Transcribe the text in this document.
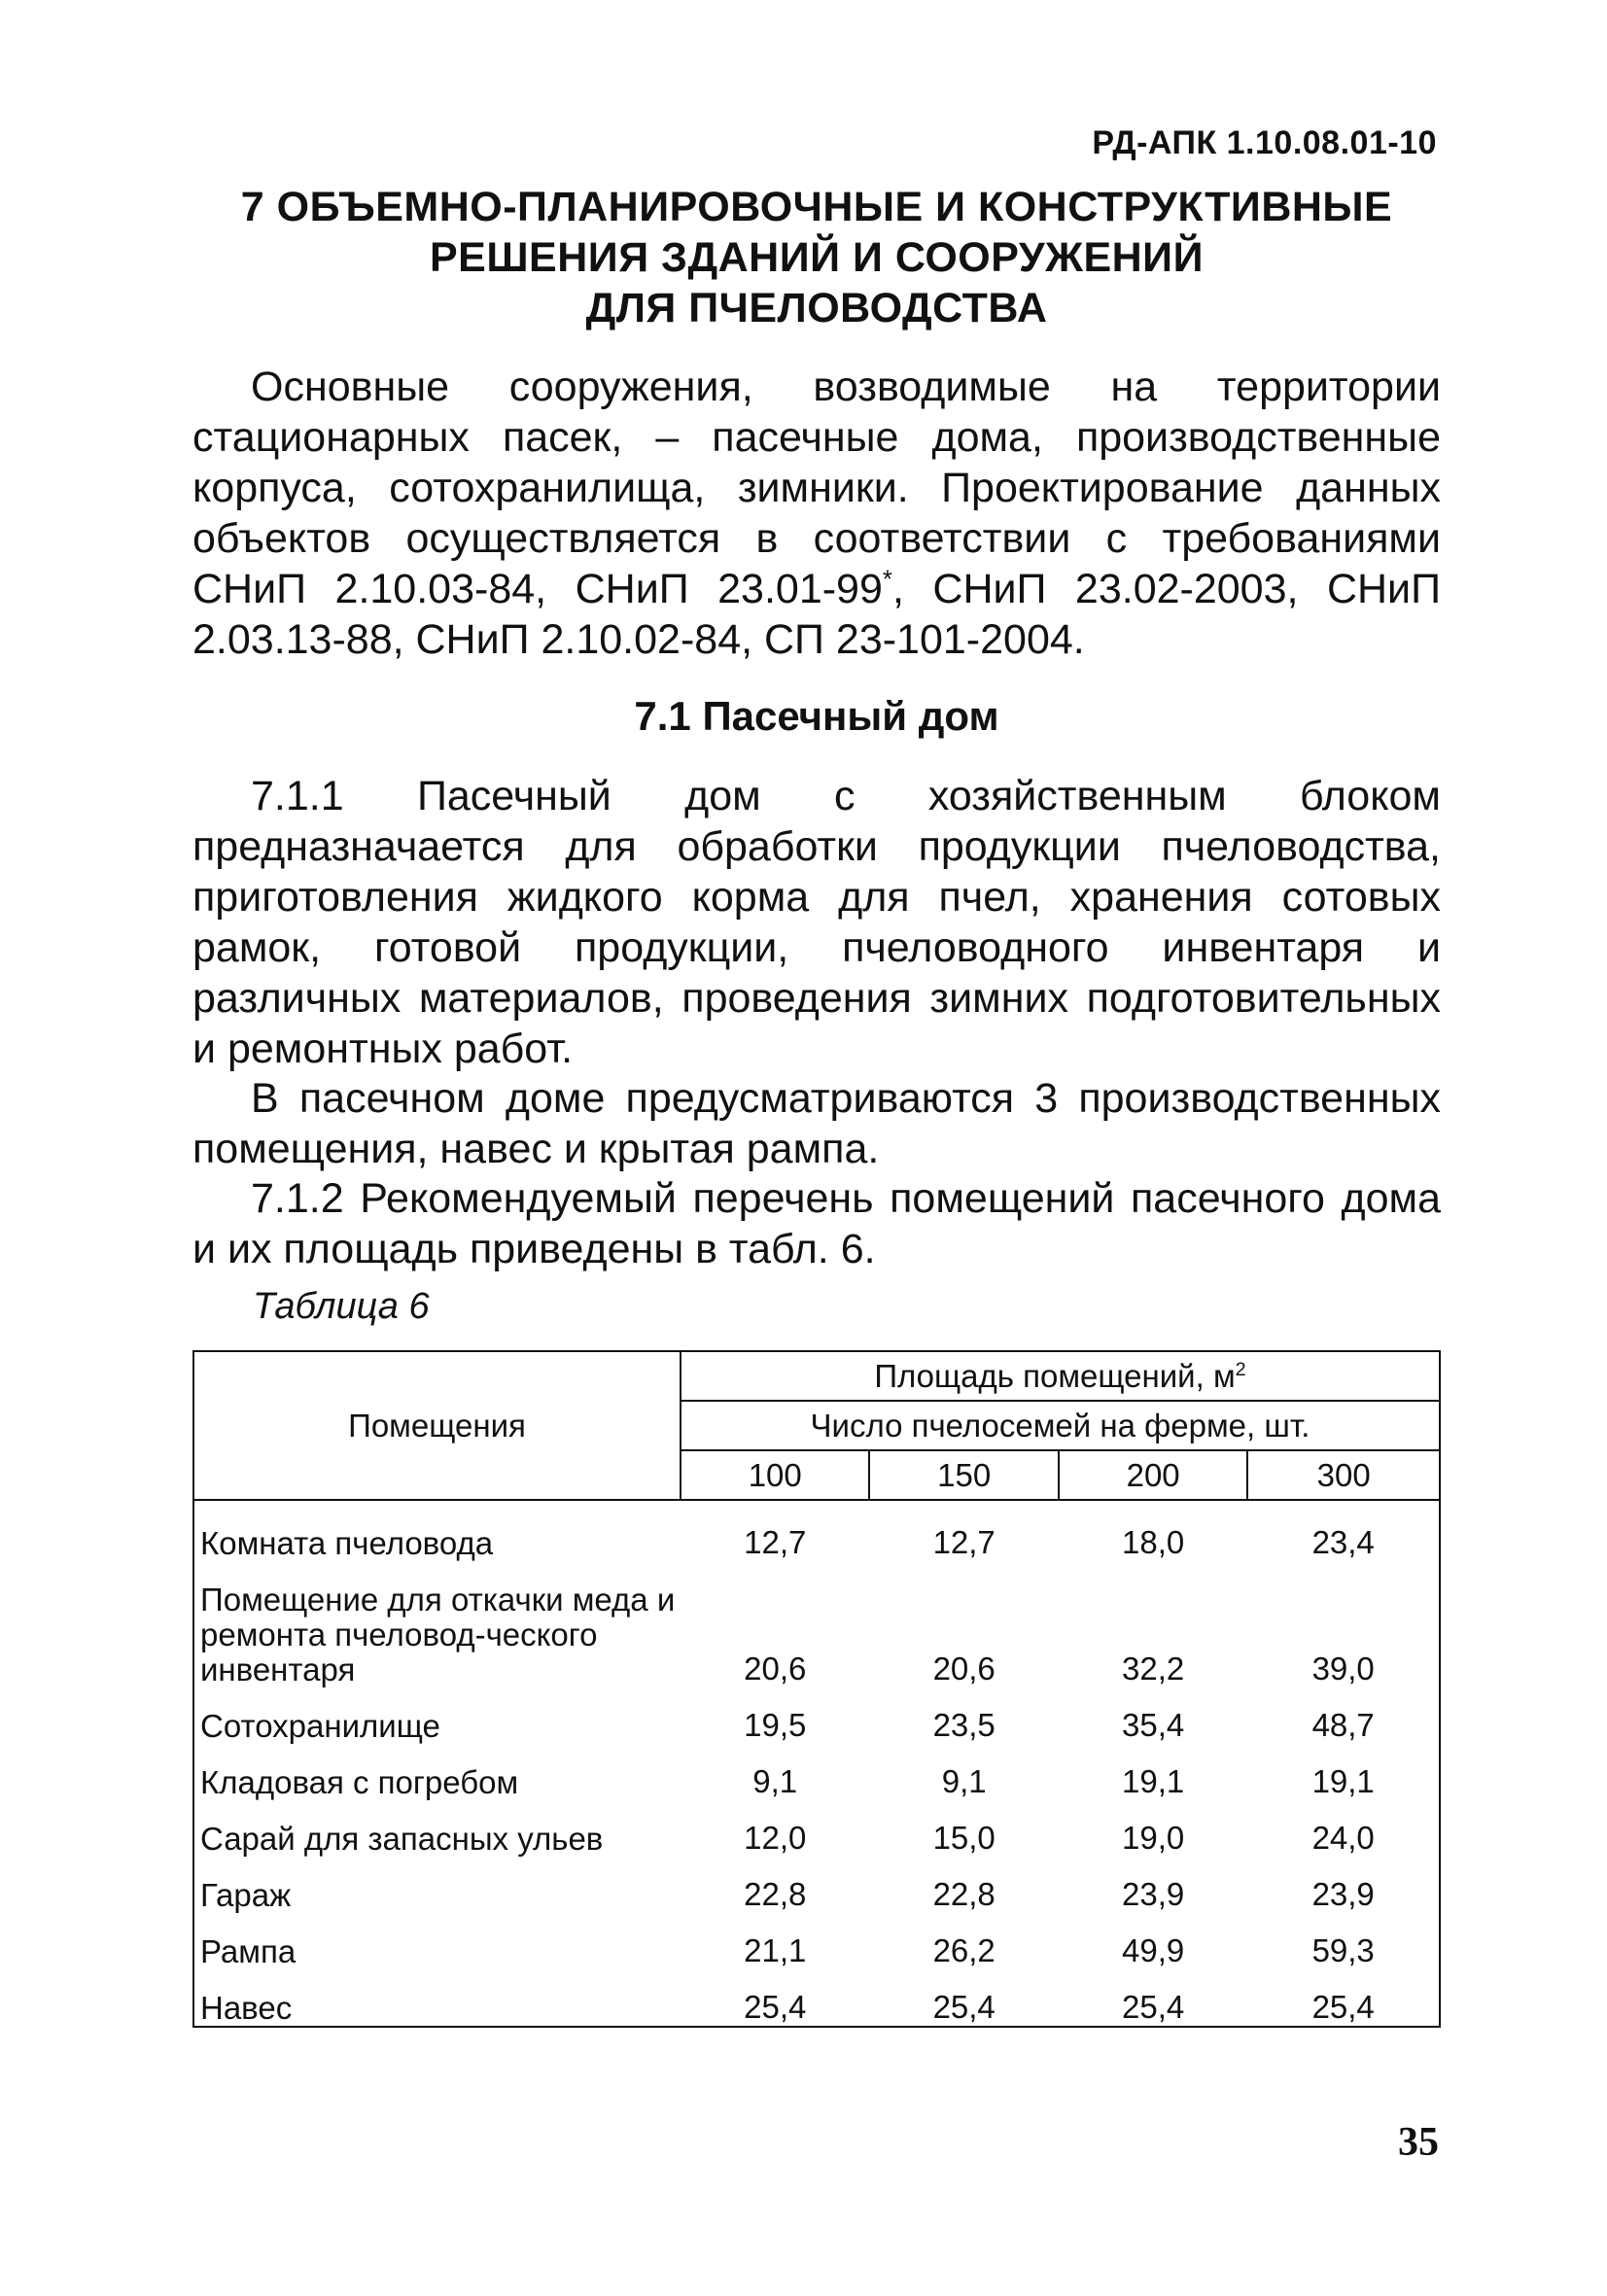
РД-АПК 1.10.08.01-10
7 ОБЪЕМНО-ПЛАНИРОВОЧНЫЕ И КОНСТРУКТИВНЫЕ
РЕШЕНИЯ ЗДАНИЙ И СООРУЖЕНИЙ
ДЛЯ ПЧЕЛОВОДСТВА

Основные сооружения, возводимые на территории стационарных пасек, – пасечные дома, производственные корпуса, сотохранилища, зимники. Проектирование данных объектов осуществляется в соответствии с требованиями СНиП 2.10.03-84, СНиП 23.01-99*, СНиП 23.02-2003, СНиП 2.03.13-88, СНиП 2.10.02-84, СП 23-101-2004.

7.1 Пасечный дом

7.1.1 Пасечный дом с хозяйственным блоком предназначается для обработки продукции пчеловодства, приготовления жидкого корма для пчел, хранения сотовых рамок, готовой продукции, пчеловодного инвентаря и различных материалов, проведения зимних подготовительных и ремонтных работ.

В пасечном доме предусматриваются 3 производственных помещения, навес и крытая рампа.

7.1.2 Рекомендуемый перечень помещений пасечного дома и их площадь приведены в табл. 6.

Таблица 6
Помещения	Площадь помещений, $м^2$
	Число пчелосемей на ферме, шт.			
	100	150	200	300
Комната пчеловода	12,7	12,7	18,0	23,4
Помещение для откачки меда и ремонта пчеловод-ческого инвентаря	20,6	20,6	32,2	39,0
Сотохранилище	19,5	23,5	35,4	48,7
Кладовая с погребом	9,1	9,1	19,1	19,1
Сарай для запасных ульев	12,0	15,0	19,0	24,0
Гараж	22,8	22,8	23,9	23,9
Рампа	21,1	26,2	49,9	59,3
Навес	25,4	25,4	25,4	25,4
35
